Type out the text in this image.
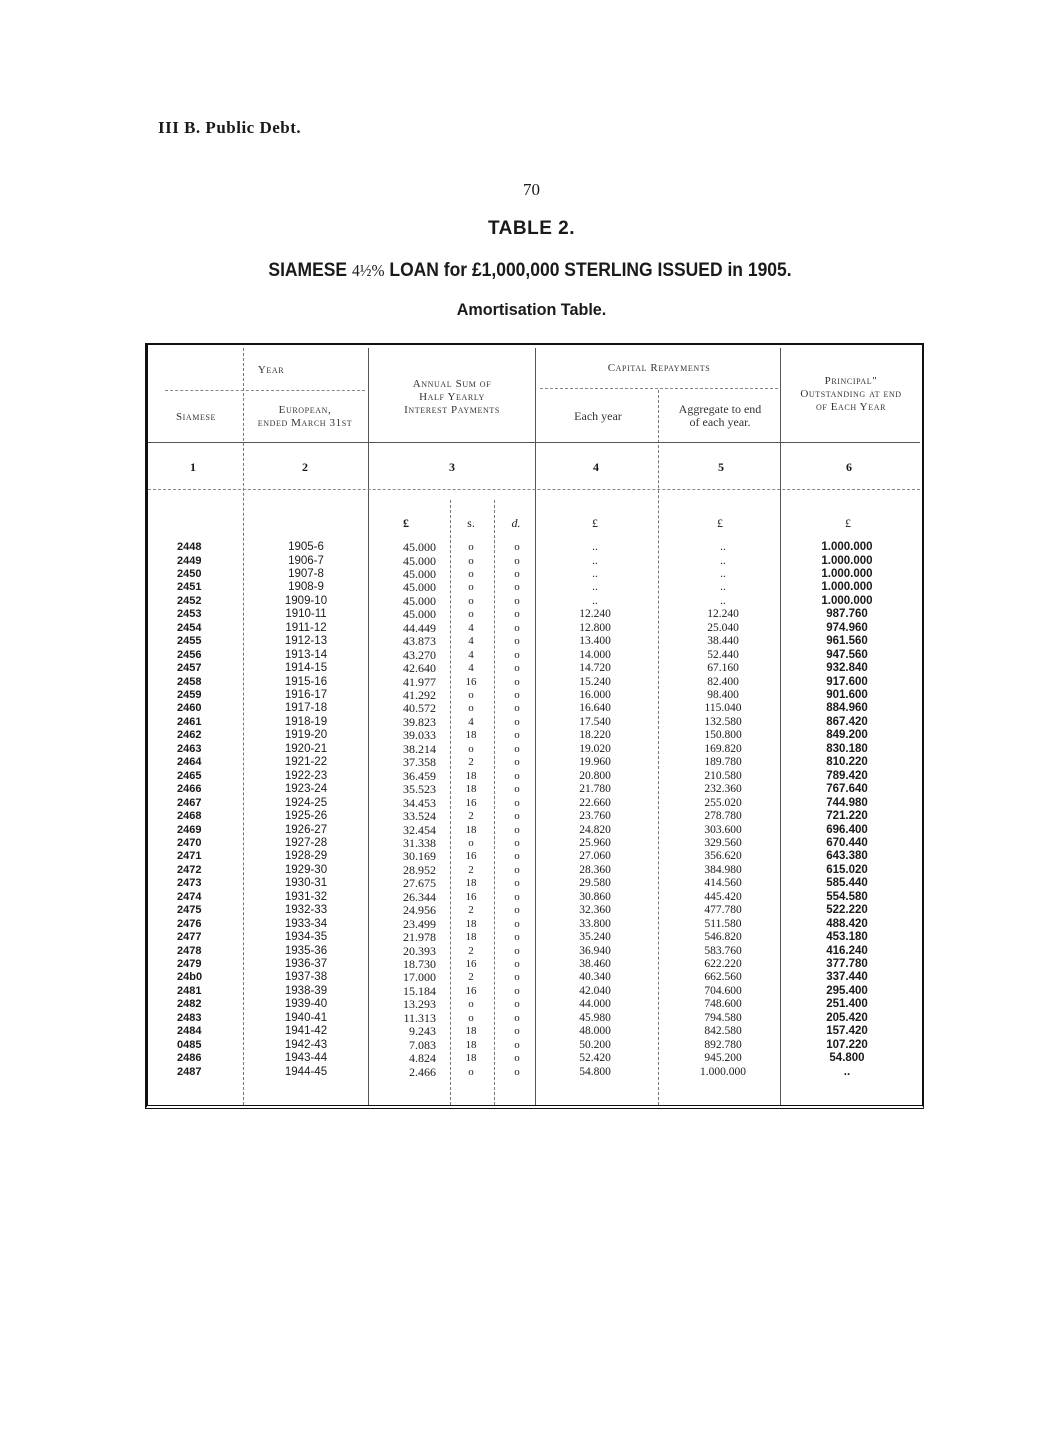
III B. Public Debt.
70
TABLE 2.
SIAMESE 4½% LOAN for £1,000,000 STERLING ISSUED in 1905.
Amortisation Table.
Year
Siamese
European,
ended March 31st
Annual Sum of
Half Yearly
Interest Payments
Capital Repayments
Each year	Aggregate to end
of each year.
Principal"
Outstanding at end
of Each Year
1	2	3	4	5	6
£	s.	d.	£	£	£
2448	1905-6	45.000	o	o	..	..	1.000.000
2449	1906-7	45.000	o	o	..	..	1.000.000
2450	1907-8	45.000	o	o	..	..	1.000.000
2451	1908-9	45.000	o	o	..	..	1.000.000
2452	1909-10	45.000	o	o	..	..	1.000.000
2453	1910-11	45.000	o	o	12.240	12.240	987.760
2454	1911-12	44.449	4	o	12.800	25.040	974.960
2455	1912-13	43.873	4	o	13.400	38.440	961.560
2456	1913-14	43.270	4	o	14.000	52.440	947.560
2457	1914-15	42.640	4	o	14.720	67.160	932.840
2458	1915-16	41.977	16	o	15.240	82.400	917.600
2459	1916-17	41.292	o	o	16.000	98.400	901.600
2460	1917-18	40.572	o	o	16.640	115.040	884.960
2461	1918-19	39.823	4	o	17.540	132.580	867.420
2462	1919-20	39.033	18	o	18.220	150.800	849.200
2463	1920-21	38.214	o	o	19.020	169.820	830.180
2464	1921-22	37.358	2	o	19.960	189.780	810.220
2465	1922-23	36.459	18	o	20.800	210.580	789.420
2466	1923-24	35.523	18	o	21.780	232.360	767.640
2467	1924-25	34.453	16	o	22.660	255.020	744.980
2468	1925-26	33.524	2	o	23.760	278.780	721.220
2469	1926-27	32.454	18	o	24.820	303.600	696.400
2470	1927-28	31.338	o	o	25.960	329.560	670.440
2471	1928-29	30.169	16	o	27.060	356.620	643.380
2472	1929-30	28.952	2	o	28.360	384.980	615.020
2473	1930-31	27.675	18	o	29.580	414.560	585.440
2474	1931-32	26.344	16	o	30.860	445.420	554.580
2475	1932-33	24.956	2	o	32.360	477.780	522.220
2476	1933-34	23.499	18	o	33.800	511.580	488.420
2477	1934-35	21.978	18	o	35.240	546.820	453.180
2478	1935-36	20.393	2	o	36.940	583.760	416.240
2479	1936-37	18.730	16	o	38.460	622.220	377.780
24b0	1937-38	17.000	2	o	40.340	662.560	337.440
2481	1938-39	15.184	16	o	42.040	704.600	295.400
2482	1939-40	13.293	o	o	44.000	748.600	251.400
2483	1940-41	11.313	o	o	45.980	794.580	205.420
2484	1941-42	9.243	18	o	48.000	842.580	157.420
0485	1942-43	7.083	18	o	50.200	892.780	107.220
2486	1943-44	4.824	18	o	52.420	945.200	54.800
2487	1944-45	2.466	o	o	54.800	1.000.000	..
